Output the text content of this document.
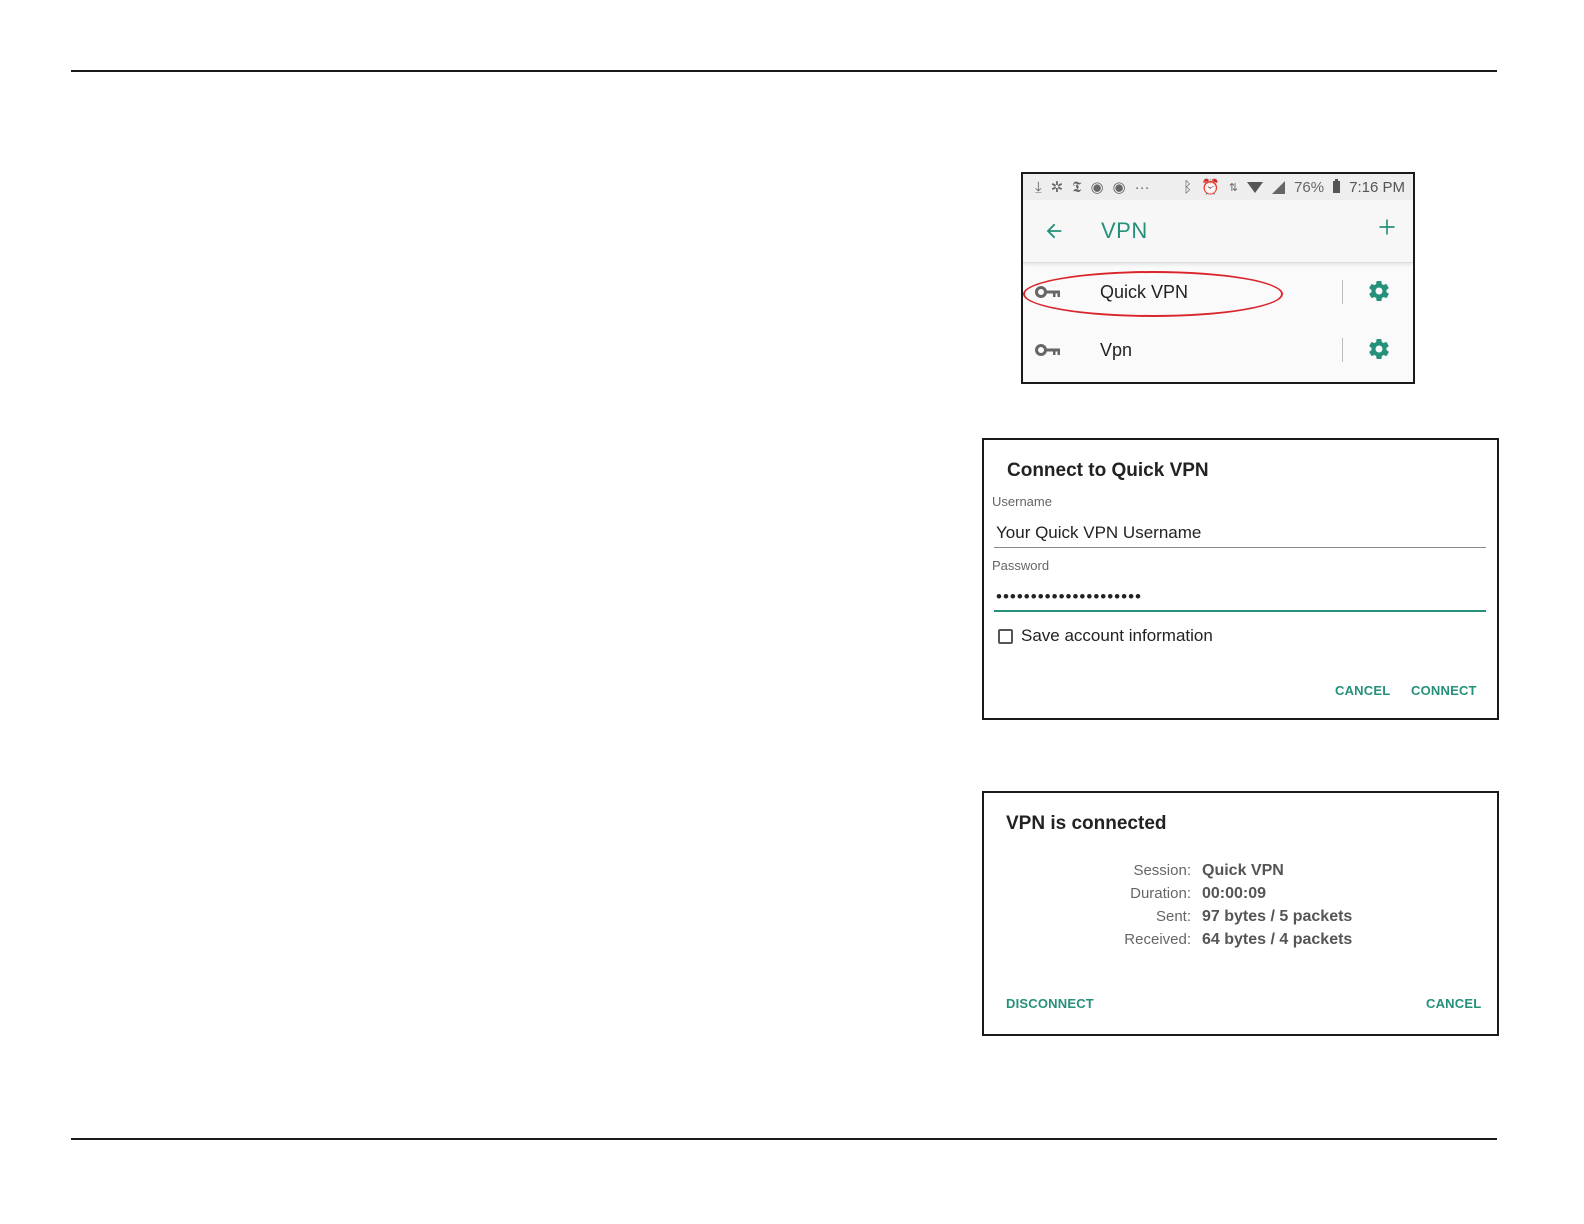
⤓ ✲ 𝕿 ◉ ◉ ··· ᛒ ⏰ ⇅	76% 7:16 PM
VPN
Quick VPN
Vpn
Connect to Quick VPN
Username
Your Quick VPN Username
Password
•••••••••••••••••••••
Save account information
CANCEL CONNECT
VPN is connected
Session: Quick VPN
Duration: 00:00:09
Sent: 97 bytes / 5 packets
Received: 64 bytes / 4 packets
DISCONNECT	CANCEL
